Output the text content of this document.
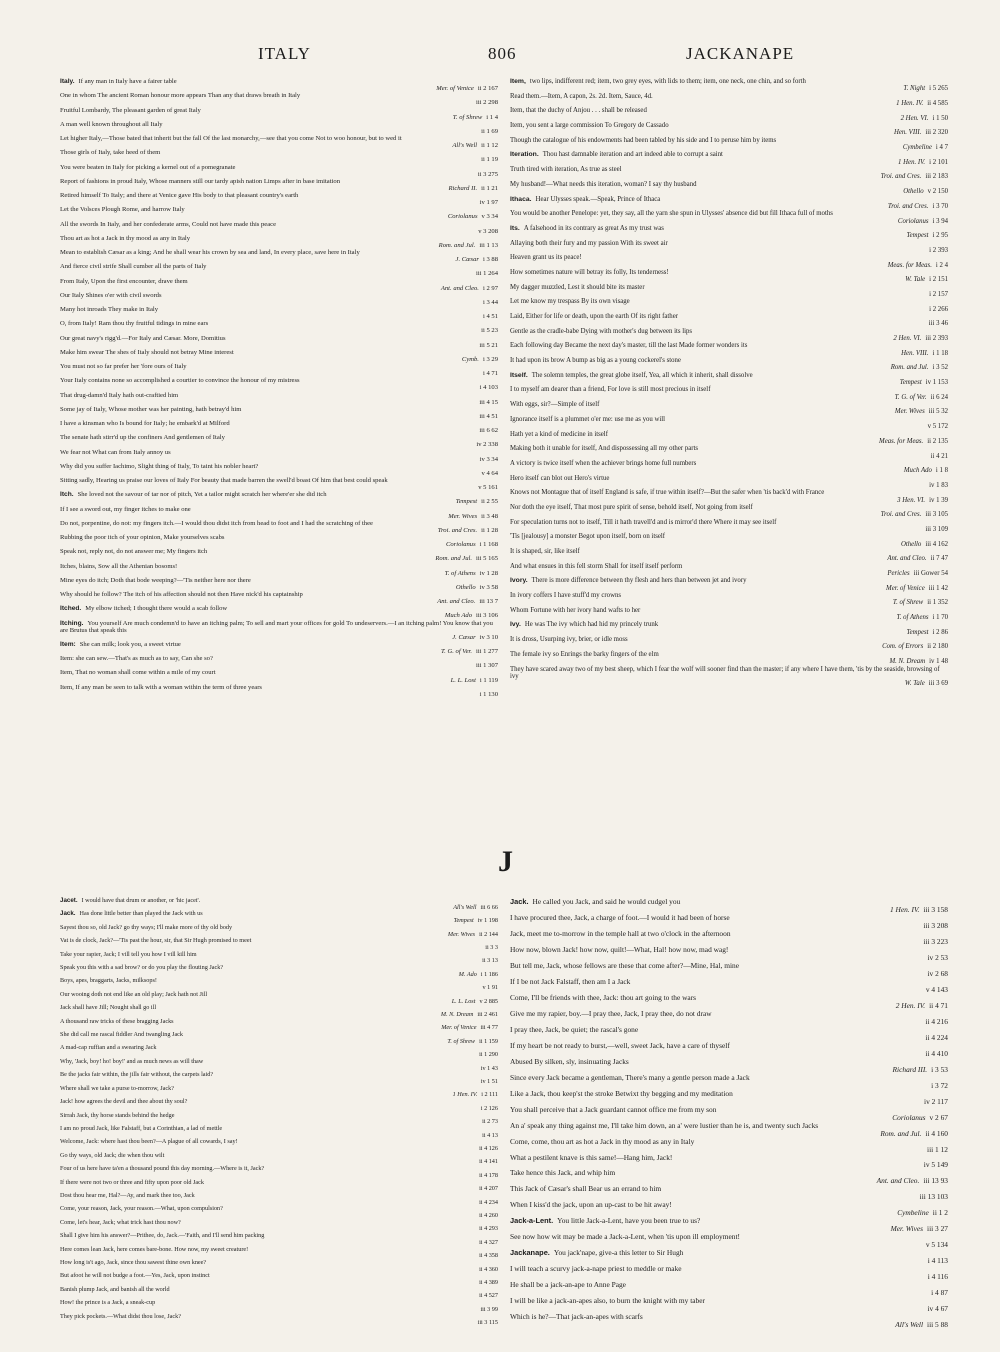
ITALY	806	JACKANAPE
Italy. If any man in Italy have a fairer table
Mer. of Venice ii 2 167
One in whom The ancient Roman honour more appears Than any that draws breath in Italy
iii 2 298
Fruitful Lombardy, The pleasant garden of great Italy
T. of Shrew i 1 4
A man well known throughout all Italy
ii 1 69
Let higher Italy,—Those bated that inherit but the fall Of the last monarchy,—see that you come Not to woo honour, but to wed it
All's Well ii 1 12
Those girls of Italy, take heed of them
ii 1 19
You were beaten in Italy for picking a kernel out of a pomegranate
ii 3 275
Report of fashions in proud Italy, Whose manners still our tardy apish nation Limps after in base imitation
Richard II. ii 1 21
Retired himself To Italy; and there at Venice gave His body to that pleasant country's earth
iv 1 97
Let the Volsces Plough Rome, and harrow Italy
Coriolanus v 3 34
All the swords In Italy, and her confederate arms, Could not have made this peace
v 3 208
Thou art as hot a Jack in thy mood as any in Italy
Rom. and Jul. iii 1 13
Mean to establish Cæsar as a king; And he shall wear his crown by sea and land, In every place, save here in Italy
J. Cæsar i 3 88
And fierce civil strife Shall cumber all the parts of Italy
iii 1 264
From Italy, Upon the first encounter, drave them
Ant. and Cleo. i 2 97
Our Italy Shines o'er with civil swords
i 3 44
Many hot inroads They make in Italy
i 4 51
O, from Italy! Ram thou thy fruitful tidings in mine ears
ii 5 23
Our great navy's rigg'd.—For Italy and Cæsar. More, Domitius
iii 5 21
Make him swear The shes of Italy should not betray Mine interest
Cymb. i 3 29
You must not so far prefer her 'fore ours of Italy
i 4 71
Your Italy contains none so accomplished a courtier to convince the honour of my mistress
i 4 103
That drug-damn'd Italy hath out-craftied him
iii 4 15
Some jay of Italy, Whose mother was her painting, hath betray'd him
iii 4 51
I have a kinsman who Is bound for Italy; he embark'd at Milford
iii 6 62
The senate hath stirr'd up the confiners And gentlemen of Italy
iv 2 338
We fear not What can from Italy annoy us
iv 3 34
Why did you suffer Iachimo, Slight thing of Italy, To taint his nobler heart?
v 4 64
Sitting sadly, Hearing us praise our loves of Italy For beauty that made barren the swell'd boast Of him that best could speak
v 5 161
Itch. She loved not the savour of tar nor of pitch, Yet a tailor might scratch her where'er she did itch
Tempest ii 2 55
If I see a sword out, my finger itches to make one
Mer. Wives ii 3 48
Do not, porpentine, do not: my fingers itch.—I would thou didst itch from head to foot and I had the scratching of thee
Troi. and Cres. ii 1 28
Rubbing the poor itch of your opinion, Make yourselves scabs
Coriolanus i 1 168
Speak not, reply not, do not answer me; My fingers itch
Rom. and Jul. iii 5 165
Itches, blains, Sow all the Athenian bosoms!
T. of Athens iv 1 28
Mine eyes do itch; Doth that bode weeping?—'Tis neither here nor there
Othello iv 3 58
Why should he follow? The itch of his affection should not then Have nick'd his captainship
Ant. and Cleo. iii 13 7
Itched. My elbow itched; I thought there would a scab follow
Much Ado iii 3 106
Itching. You yourself Are much condemn'd to have an itching palm; To sell and mart your offices for gold To undeservers.—I an itching palm! You know that you are Brutus that speak this
J. Cæsar iv 3 10
Item: She can milk; look you, a sweet virtue
T. G. of Ver. iii 1 277
Item: she can sew.—That's as much as to say, Can she so?
iii 1 307
Item, That no woman shall come within a mile of my court
L. L. Lost i 1 119
Item, If any man be seen to talk with a woman within the term of three years
i 1 130
Item, two lips, indifferent red; item, two grey eyes, with lids to them; item, one neck, one chin, and so forth
T. Night i 5 265
Read them.—Item, A capon, 2s. 2d. Item, Sauce, 4d.
1 Hen. IV. ii 4 585
Item, that the duchy of Anjou . . . shall be released
2 Hen. VI. i 1 50
Item, you sent a large commission To Gregory de Cassado
Hen. VIII. iii 2 320
Though the catalogue of his endowments had been tabled by his side and I to peruse him by items
Cymbeline i 4 7
Iteration. Thou hast damnable iteration and art indeed able to corrupt a saint
1 Hen. IV. i 2 101
Truth tired with iteration, As true as steel
Troi. and Cres. iii 2 183
My husband!—What needs this iteration, woman? I say thy husband
Othello v 2 150
Ithaca. Hear Ulysses speak.—Speak, Prince of Ithaca
Troi. and Cres. i 3 70
You would be another Penelope: yet, they say, all the yarn she spun in Ulysses' absence did but fill Ithaca full of moths
Coriolanus i 3 94
Its. A falsehood in its contrary as great As my trust was
Tempest i 2 95
Allaying both their fury and my passion With its sweet air
i 2 393
Heaven grant us its peace!
Meas. for Meas. i 2 4
How sometimes nature will betray its folly, Its tenderness!
W. Tale i 2 151
My dagger muzzled, Lest it should bite its master
i 2 157
Let me know my trespass By its own visage
i 2 266
Laid, Either for life or death, upon the earth Of its right father
iii 3 46
Gentle as the cradle-babe Dying with mother's dug between its lips
2 Hen. VI. iii 2 393
Each following day Became the next day's master, till the last Made former wonders its
Hen. VIII. i 1 18
It had upon its brow A bump as big as a young cockerel's stone
Rom. and Jul. i 3 52
Itself. The solemn temples, the great globe itself, Yea, all which it inherit, shall dissolve
Tempest iv 1 153
I to myself am dearer than a friend, For love is still most precious in itself
T. G. of Ver. ii 6 24
With eggs, sir?—Simple of itself
Mer. Wives iii 5 32
Ignorance itself is a plummet o'er me: use me as you will
v 5 172
Hath yet a kind of medicine in itself
Meas. for Meas. ii 2 135
Making both it unable for itself, And dispossessing all my other parts
ii 4 21
A victory is twice itself when the achiever brings home full numbers
Much Ado i 1 8
Hero itself can blot out Hero's virtue
iv 1 83
Knows not Montague that of itself England is safe, if true within itself?—But the safer when 'tis back'd with France
3 Hen. VI. iv 1 39
Nor doth the eye itself, That most pure spirit of sense, behold itself, Not going from itself
Troi. and Cres. iii 3 105
For speculation turns not to itself, Till it hath travell'd and is mirror'd there Where it may see itself
iii 3 109
'Tis [jealousy] a monster Begot upon itself, born on itself
Othello iii 4 162
It is shaped, sir, like itself
Ant. and Cleo. ii 7 47
And what ensues in this fell storm Shall for itself itself perform
Pericles iii Gower 54
Ivory. There is more difference between thy flesh and hers than between jet and ivory
Mer. of Venice iii 1 42
In ivory coffers I have stuff'd my crowns
T. of Shrew ii 1 352
Whom Fortune with her ivory hand wafts to her
T. of Athens i 1 70
Ivy. He was The ivy which had hid my princely trunk
Tempest i 2 86
It is dross, Usurping ivy, brier, or idle moss
Com. of Errors ii 2 180
The female ivy so Enrings the barky fingers of the elm
M. N. Dream iv 1 48
They have scared away two of my best sheep, which I fear the wolf will sooner find than the master; if any where I have them, 'tis by the seaside, browsing of ivy
W. Tale iii 3 69
J
Jacet. I would have that drum or another, or 'hic jacet'.
All's Well iii 6 66
Jack. Has done little better than played the Jack with us
Tempest iv 1 198
Sayest thou so, old Jack? go thy ways; I'll make more of thy old body
Mer. Wives ii 2 144
Vat is de clock, Jack?—'Tis past the hour, sir, that Sir Hugh promised to meet
ii 3 3
Take your rapier, Jack; I vill tell you how I vill kill him
ii 3 13
Speak you this with a sad brow? or do you play the flouting Jack?
M. Ado i 1 186
Boys, apes, braggarts, Jacks, milksops!
v 1 91
Our wooing doth not end like an old play; Jack hath not Jill
L. L. Lost v 2 885
Jack shall have Jill; Nought shall go ill
M. N. Dream iii 2 461
A thousand raw tricks of these bragging Jacks
Mer. of Venice iii 4 77
She did call me rascal fiddler And twangling Jack
T. of Shrew ii 1 159
A mad-cap ruffian and a swearing Jack
ii 1 290
Why, 'Jack, boy! ho! boy!' and as much news as will thaw
iv 1 43
Be the jacks fair within, the jills fair without, the carpets laid?
iv 1 51
Where shall we take a purse to-morrow, Jack?
1 Hen. IV. i 2 111
Jack! how agrees the devil and thee about thy soul?
i 2 126
Sirrah Jack, thy horse stands behind the hedge
ii 2 73
I am no proud Jack, like Falstaff, but a Corinthian, a lad of mettle
ii 4 13
Welcome, Jack: where hast thou been?—A plague of all cowards, I say!
ii 4 126
Go thy ways, old Jack; die when thou wilt
ii 4 141
Four of us here have ta'en a thousand pound this day morning.—Where is it, Jack?
ii 4 178
If there were not two or three and fifty upon poor old Jack
ii 4 207
Dost thou hear me, Hal?—Ay, and mark thee too, Jack
ii 4 234
Come, your reason, Jack, your reason.—What, upon compulsion?
ii 4 260
Come, let's hear, Jack; what trick hast thou now?
ii 4 293
Shall I give him his answer?—Prithee, do, Jack.—'Faith, and I'll send him packing
ii 4 327
Here comes lean Jack, here comes bare-bone. How now, my sweet creature!
ii 4 358
How long is't ago, Jack, since thou sawest thine own knee?
ii 4 360
But afoot he will not budge a foot.—Yes, Jack, upon instinct
ii 4 389
Banish plump Jack, and banish all the world
ii 4 527
How! the prince is a Jack, a sneak-cup
iii 3 99
They pick pockets.—What didst thou lose, Jack?
iii 3 115
Jack. He called you Jack, and said he would cudgel you
1 Hen. IV. iii 3 158
I have procured thee, Jack, a charge of foot.—I would it had been of horse
iii 3 208
Jack, meet me to-morrow in the temple hall at two o'clock in the afternoon
iii 3 223
How now, blown Jack! how now, quilt!—What, Hal! how now, mad wag!
iv 2 53
But tell me, Jack, whose fellows are these that come after?—Mine, Hal, mine
iv 2 68
If I be not Jack Falstaff, then am I a Jack
v 4 143
Come, I'll be friends with thee, Jack: thou art going to the wars
2 Hen. IV. ii 4 71
Give me my rapier, boy.—I pray thee, Jack, I pray thee, do not draw
ii 4 216
I pray thee, Jack, be quiet; the rascal's gone
ii 4 224
If my heart be not ready to burst,—well, sweet Jack, have a care of thyself
ii 4 410
Abused By silken, sly, insinuating Jacks
Richard III. i 3 53
Since every Jack became a gentleman, There's many a gentle person made a Jack
i 3 72
Like a Jack, thou keep'st the stroke Betwixt thy begging and my meditation
iv 2 117
You shall perceive that a Jack guardant cannot office me from my son
Coriolanus v 2 67
An a' speak any thing against me, I'll take him down, an a' were lustier than he is, and twenty such Jacks
Rom. and Jul. ii 4 160
Come, come, thou art as hot a Jack in thy mood as any in Italy
iii 1 12
What a pestilent knave is this same!—Hang him, Jack!
iv 5 149
Take hence this Jack, and whip him
Ant. and Cleo. iii 13 93
This Jack of Cæsar's shall Bear us an errand to him
iii 13 103
When I kiss'd the jack, upon an up-cast to be hit away!
Cymbeline ii 1 2
Jack-a-Lent. You little Jack-a-Lent, have you been true to us?
Mer. Wives iii 3 27
See now how wit may be made a Jack-a-Lent, when 'tis upon ill employment!
v 5 134
Jackanape. You jack'nape, give-a this letter to Sir Hugh
i 4 113
I will teach a scurvy jack-a-nape priest to meddle or make
i 4 116
He shall be a jack-an-ape to Anne Page
i 4 87
I will be like a jack-an-apes also, to burn the knight with my taber
iv 4 67
Which is he?—That jack-an-apes with scarfs
All's Well iii 5 88
